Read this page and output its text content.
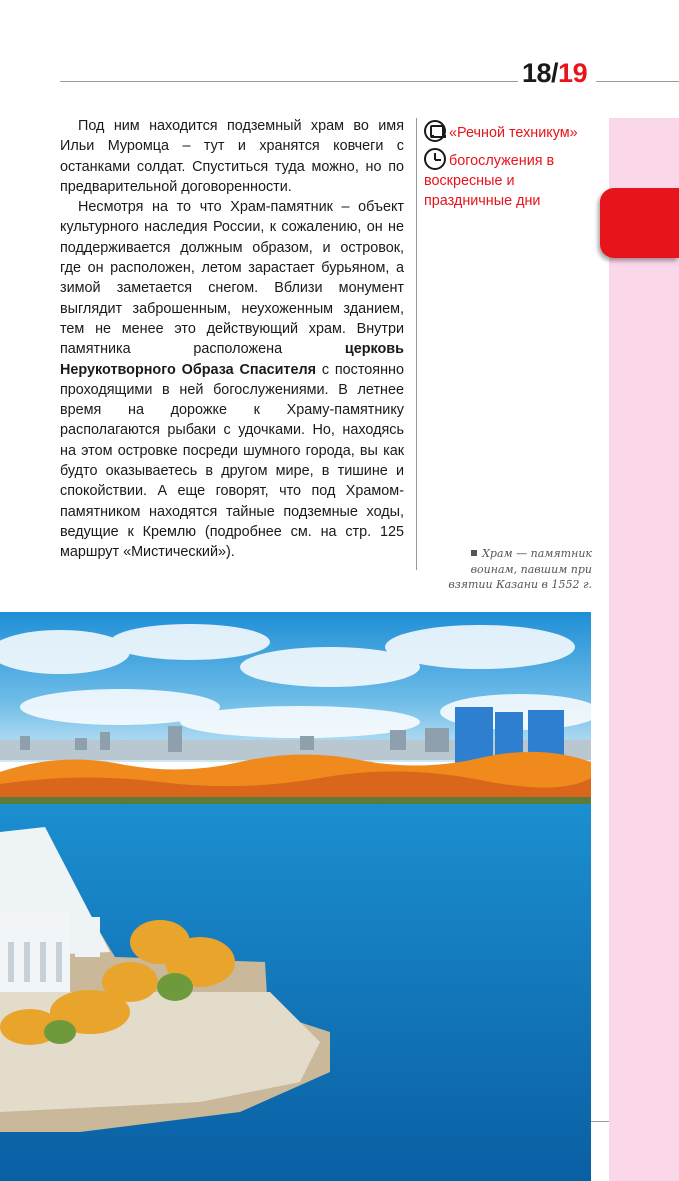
18/19

Под ним находится подземный храм во имя Ильи Муромца – тут и хранятся ковчеги с останками солдат. Спуститься туда можно, но по предварительной договоренности.

Несмотря на то что Храм-памятник – объект культурного наследия России, к сожалению, он не поддерживается должным образом, и островок, где он расположен, летом зарастает бурьяном, а зимой заметается снегом. Вблизи монумент выглядит заброшенным, неухоженным зданием, тем не менее это действующий храм. Внутри памятника расположена церковь Нерукотворного Образа Спасителя с постоянно проходящими в ней богослужениями. В летнее время на дорожке к Храму-памятнику располагаются рыбаки с удочками. Но, находясь на этом островке посреди шумного города, вы как будто оказываетесь в другом мире, в тишине и спокойствии. А еще говорят, что под Храмом-памятником находятся тайные подземные ходы, ведущие к Кремлю (подробнее см. на стр. 125 маршрут «Мистический»).

«Речной техникум»
богослужения в воскресные и праздничные дни
Храм — памятник воинам, павшим при взятии Казани в 1552 г.
